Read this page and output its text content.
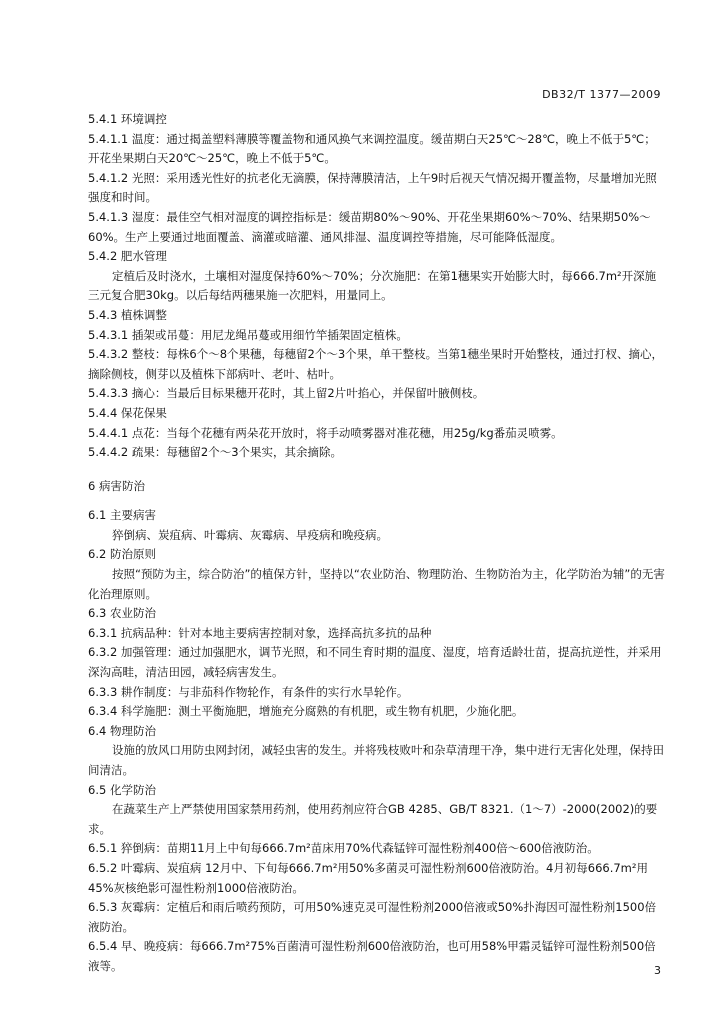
DB32/T 1377—2009

5.4.1 环境调控

5.4.1.1 温度：通过揭盖塑料薄膜等覆盖物和通风换气来调控温度。缓苗期白天25℃～28℃，晚上不低于5℃；开花坐果期白天20℃～25℃，晚上不低于5℃。

5.4.1.2 光照：采用透光性好的抗老化无滴膜，保持薄膜清洁，上午9时后视天气情况揭开覆盖物，尽量增加光照强度和时间。

5.4.1.3 湿度：最佳空气相对湿度的调控指标是：缓苗期80%～90%、开花坐果期60%～70%、结果期50%～60%。生产上要通过地面覆盖、滴灌或暗灌、通风排湿、温度调控等措施，尽可能降低湿度。

5.4.2 肥水管理

定植后及时浇水，土壤相对湿度保持60%～70%；分次施肥：在第1穗果实开始膨大时，每666.7m²开深施三元复合肥30kg。以后每结两穗果施一次肥料，用量同上。

5.4.3 植株调整

5.4.3.1 插架或吊蔓：用尼龙绳吊蔓或用细竹竿插架固定植株。

5.4.3.2 整枝：每株6个～8个果穗，每穗留2个～3个果，单干整枝。当第1穗坐果时开始整枝，通过打杈、摘心，摘除侧枝，侧芽以及植株下部病叶、老叶、枯叶。

5.4.3.3 摘心：当最后目标果穗开花时，其上留2片叶掐心，并保留叶腋侧枝。

5.4.4 保花保果

5.4.4.1 点花：当每个花穗有两朵花开放时，将手动喷雾器对准花穗，用25g/kg番茄灵喷雾。

5.4.4.2 疏果：每穗留2个～3个果实，其余摘除。

6 病害防治

6.1 主要病害

猝倒病、炭疽病、叶霉病、灰霉病、早疫病和晚疫病。

6.2 防治原则

按照“预防为主，综合防治”的植保方针，坚持以“农业防治、物理防治、生物防治为主，化学防治为辅”的无害化治理原则。

6.3 农业防治

6.3.1 抗病品种：针对本地主要病害控制对象，选择高抗多抗的品种

6.3.2 加强管理：通过加强肥水，调节光照，和不同生育时期的温度、湿度，培育适龄壮苗，提高抗逆性，并采用深沟高畦，清洁田园，减轻病害发生。

6.3.3 耕作制度：与非茄科作物轮作，有条件的实行水旱轮作。

6.3.4 科学施肥：测土平衡施肥，增施充分腐熟的有机肥，或生物有机肥，少施化肥。

6.4 物理防治

设施的放风口用防虫网封闭，减轻虫害的发生。并将残枝败叶和杂草清理干净，集中进行无害化处理，保持田间清洁。

6.5 化学防治

在蔬菜生产上严禁使用国家禁用药剂，使用药剂应符合GB 4285、GB/T 8321.（1～7）-2000(2002)的要求。

6.5.1 猝倒病：苗期11月上中旬每666.7m²苗床用70%代森锰锌可湿性粉剂400倍～600倍液防治。

6.5.2 叶霉病、炭疽病 12月中、下旬每666.7m²用50%多菌灵可湿性粉剂600倍液防治。4月初每666.7m²用45%灰核绝影可湿性粉剂1000倍液防治。

6.5.3 灰霉病：定植后和雨后喷药预防，可用50%速克灵可湿性粉剂2000倍液或50%扑海因可湿性粉剂1500倍液防治。

6.5.4 早、晚疫病：每666.7m²75%百菌清可湿性粉剂600倍液防治，也可用58%甲霜灵锰锌可湿性粉剂500倍液等。	3
